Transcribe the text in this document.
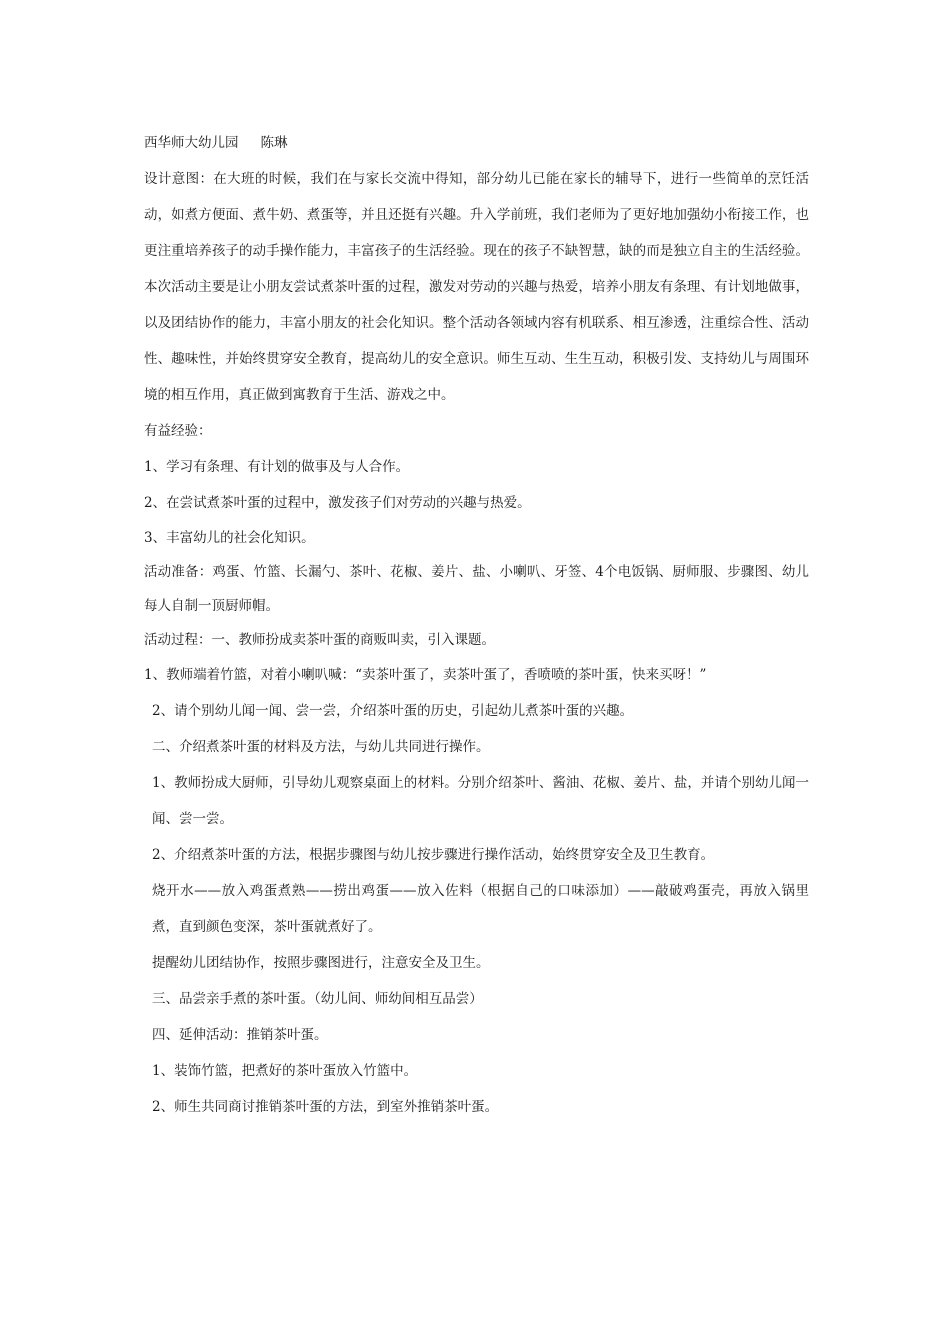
西华师大幼儿园 陈琳

设计意图：在大班的时候，我们在与家长交流中得知，部分幼儿已能在家长的辅导下，进行一些简单的烹饪活动，如煮方便面、煮牛奶、煮蛋等，并且还挺有兴趣。升入学前班，我们老师为了更好地加强幼小衔接工作，也更注重培养孩子的动手操作能力，丰富孩子的生活经验。现在的孩子不缺智慧，缺的而是独立自主的生活经验。本次活动主要是让小朋友尝试煮茶叶蛋的过程，激发对劳动的兴趣与热爱，培养小朋友有条理、有计划地做事，以及团结协作的能力，丰富小朋友的社会化知识。整个活动各领域内容有机联系、相互渗透，注重综合性、活动性、趣味性，并始终贯穿安全教育，提高幼儿的安全意识。师生互动、生生互动，积极引发、支持幼儿与周围环境的相互作用，真正做到寓教育于生活、游戏之中。

有益经验：

1、学习有条理、有计划的做事及与人合作。

2、在尝试煮茶叶蛋的过程中，激发孩子们对劳动的兴趣与热爱。

3、丰富幼儿的社会化知识。

活动准备：鸡蛋、竹篮、长漏勺、茶叶、花椒、姜片、盐、小喇叭、牙签、4个电饭锅、厨师服、步骤图、幼儿每人自制一顶厨师帽。

活动过程：一、教师扮成卖茶叶蛋的商贩叫卖，引入课题。

1、教师端着竹篮，对着小喇叭喊：“卖茶叶蛋了，卖茶叶蛋了，香喷喷的茶叶蛋，快来买呀！”

2、请个别幼儿闻一闻、尝一尝，介绍茶叶蛋的历史，引起幼儿煮茶叶蛋的兴趣。

二、介绍煮茶叶蛋的材料及方法，与幼儿共同进行操作。

1、教师扮成大厨师，引导幼儿观察桌面上的材料。分别介绍茶叶、酱油、花椒、姜片、盐，并请个别幼儿闻一闻、尝一尝。

2、介绍煮茶叶蛋的方法，根据步骤图与幼儿按步骤进行操作活动，始终贯穿安全及卫生教育。

烧开水——放入鸡蛋煮熟——捞出鸡蛋——放入佐料（根据自己的口味添加）——敲破鸡蛋壳，再放入锅里煮，直到颜色变深，茶叶蛋就煮好了。

提醒幼儿团结协作，按照步骤图进行，注意安全及卫生。

三、品尝亲手煮的茶叶蛋。（幼儿间、师幼间相互品尝）

四、延伸活动：推销茶叶蛋。

1、装饰竹篮，把煮好的茶叶蛋放入竹篮中。

2、师生共同商讨推销茶叶蛋的方法，到室外推销茶叶蛋。
